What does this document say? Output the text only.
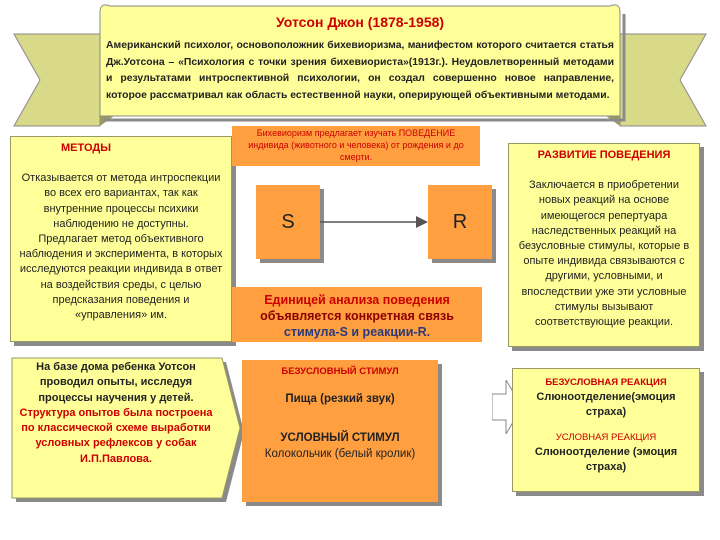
Уотсон Джон (1878-1958)
Американский психолог, основоположник бихевиоризма, манифестом которого считается статья Дж.Уотсона – «Психология с точки зрения бихевиориста»(1913г.). Неудовлетворенный методами и результатами интроспективной психологии, он создал совершенно новое направление, которое рассматривал как область естественной науки, оперирующей объективными методами.
МЕТОДЫ
Отказывается от метода интроспекции во всех его вариантах, так как внутренние процессы психики наблюдению не доступны.
Предлагает метод объективного наблюдения и эксперимента, в которых исследуются реакции индивида в ответ на воздействия среды, с целью предсказания поведения и «управления» им.
Бихевиоризм предлагает изучать ПОВЕДЕНИЕ индивида (животного и человека) от рождения и до смерти.
S	R
Единицей анализа поведения
объявляется конкретная связь
стимула-S и реакции-R.
РАЗВИТИЕ ПОВЕДЕНИЯ
Заключается в приобретении новых реакций на основе имеющегося репертуара наследственных реакций на безусловные стимулы, которые в опыте индивида связываются с другими, условными, и впоследствии уже эти условные стимулы вызывают соответствующие реакции.
На базе дома ребенка Уотсон проводил опыты, исследуя процессы научения у детей. Структура опытов была построена по классической схеме выработки условных рефлексов у собак И.П.Павлова.
БЕЗУСЛОВНЫЙ СТИМУЛ
Пища (резкий звук)
УСЛОВНЫЙ СТИМУЛ
Колокольчик (белый кролик)
БЕЗУСЛОВНАЯ РЕАКЦИЯ
Слюноотделение(эмоция страха)
УСЛОВНАЯ РЕАКЦИЯ
Слюноотделение (эмоция страха)
